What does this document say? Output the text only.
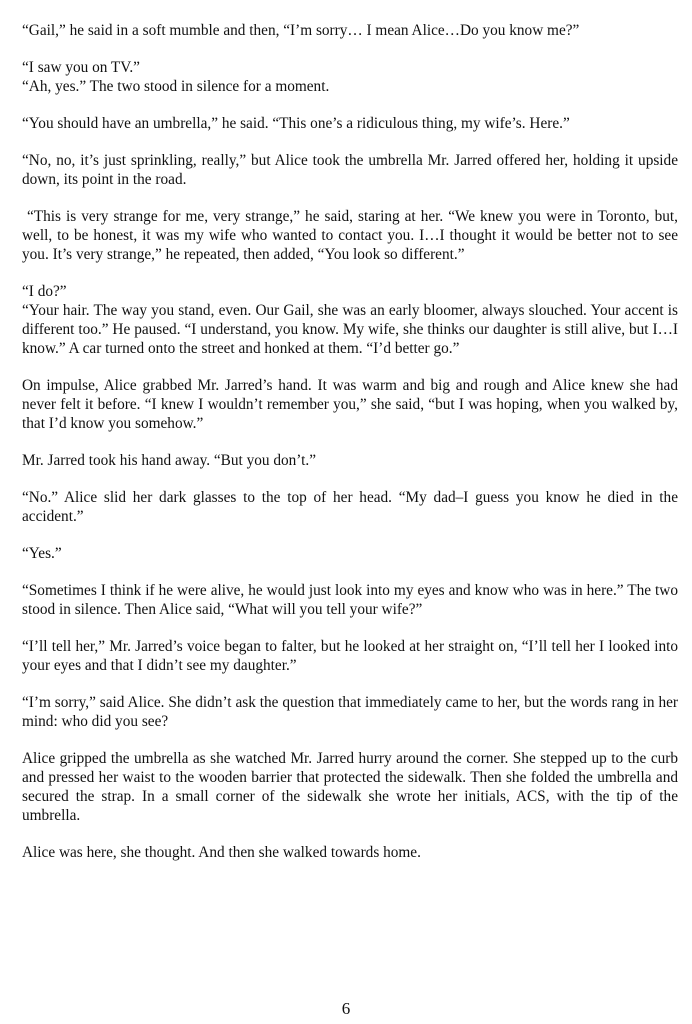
“Gail,” he said in a soft mumble and then, “I’m sorry… I mean Alice…Do you know me?”

“I saw you on TV.”
“Ah, yes.” The two stood in silence for a moment.

“You should have an umbrella,” he said. “This one’s a ridiculous thing, my wife’s. Here.”

“No, no, it’s just sprinkling, really,” but Alice took the umbrella Mr. Jarred offered her, holding it upside down, its point in the road.

“This is very strange for me, very strange,” he said, staring at her. “We knew you were in Toronto, but, well, to be honest, it was my wife who wanted to contact you. I…I thought it would be better not to see you. It’s very strange,” he repeated, then added, “You look so different.”

“I do?”
“Your hair. The way you stand, even. Our Gail, she was an early bloomer, always slouched. Your accent is different too.” He paused. “I understand, you know. My wife, she thinks our daughter is still alive, but I…I know.” A car turned onto the street and honked at them. “I’d better go.”

On impulse, Alice grabbed Mr. Jarred’s hand. It was warm and big and rough and Alice knew she had never felt it before. “I knew I wouldn’t remember you,” she said, “but I was hoping, when you walked by, that I’d know you somehow.”

Mr. Jarred took his hand away. “But you don’t.”

“No.” Alice slid her dark glasses to the top of her head. “My dad–I guess you know he died in the accident.”

“Yes.”

“Sometimes I think if he were alive, he would just look into my eyes and know who was in here.” The two stood in silence. Then Alice said, “What will you tell your wife?”

“I’ll tell her,” Mr. Jarred’s voice began to falter, but he looked at her straight on, “I’ll tell her I looked into your eyes and that I didn’t see my daughter.”

“I’m sorry,” said Alice. She didn’t ask the question that immediately came to her, but the words rang in her mind: who did you see?

Alice gripped the umbrella as she watched Mr. Jarred hurry around the corner. She stepped up to the curb and pressed her waist to the wooden barrier that protected the sidewalk. Then she folded the umbrella and secured the strap. In a small corner of the sidewalk she wrote her initials, ACS, with the tip of the umbrella.

Alice was here, she thought. And then she walked towards home.

6
